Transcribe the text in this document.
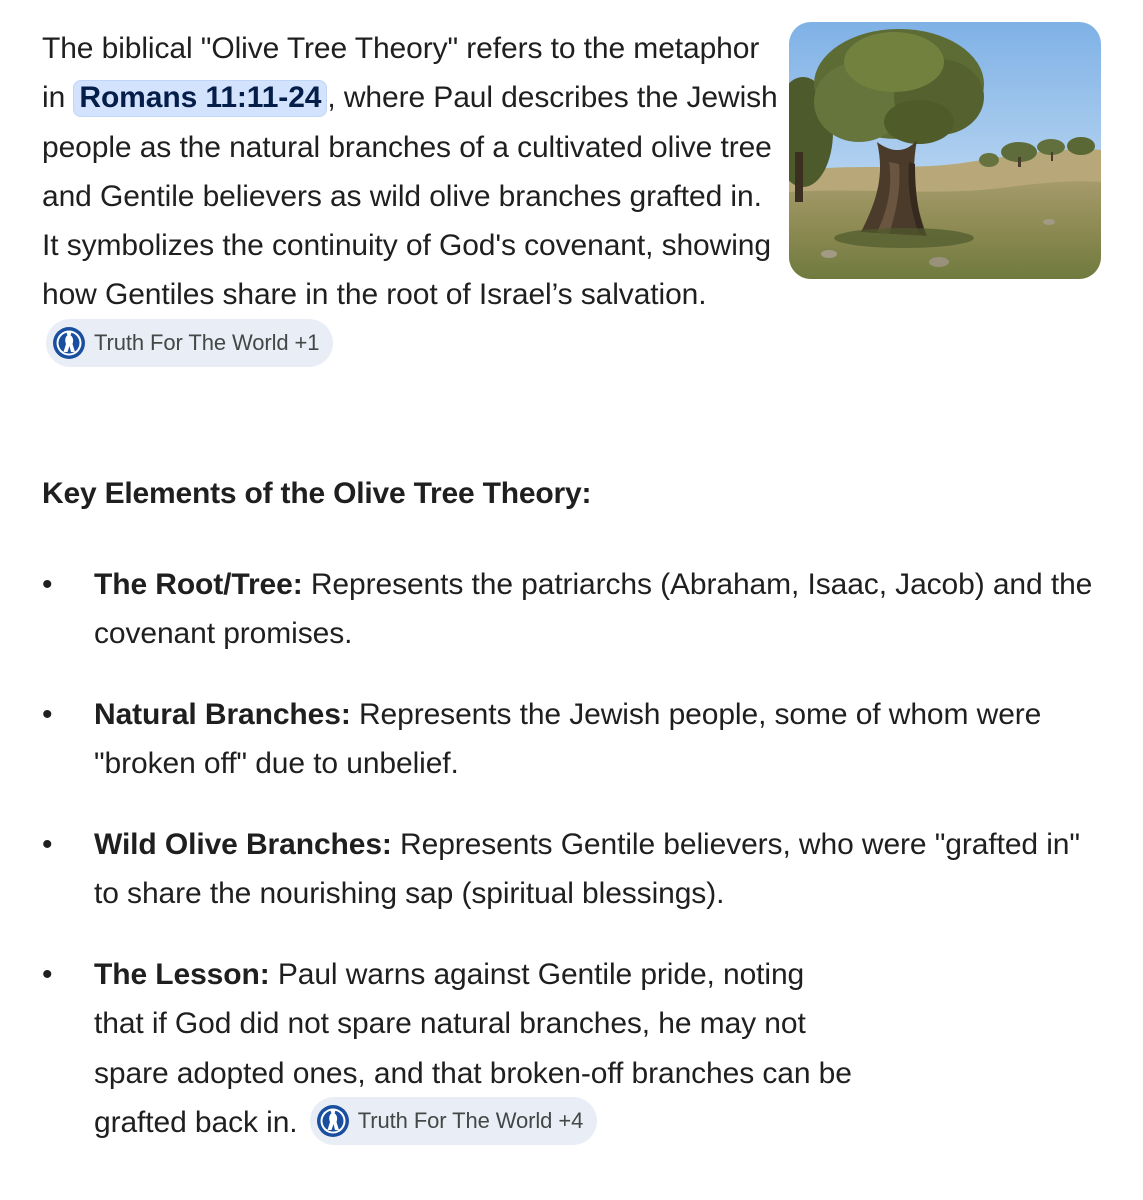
The biblical "Olive Tree Theory" refers to the metaphor in Romans 11:11-24 , where Paul describes the Jewish people as the natural branches of a cultivated olive tree and Gentile believers as wild olive branches grafted in. It symbolizes the continuity of God's covenant, showing how Gentiles share in the root of Israel’s salvation.
Truth For The World +1

Key Elements of the Olive Tree Theory:
• The Root/Tree: Represents the patriarchs (Abraham, Isaac, Jacob) and the covenant promises.
• Natural Branches: Represents the Jewish people, some of whom were "broken off" due to unbelief.
• Wild Olive Branches: Represents Gentile believers, who were "grafted in" to share the nourishing sap (spiritual blessings).
• The Lesson: Paul warns against Gentile pride, noting that if God did not spare natural branches, he may not spare adopted ones, and that broken-off branches can be grafted back in.	Truth For The World +4
